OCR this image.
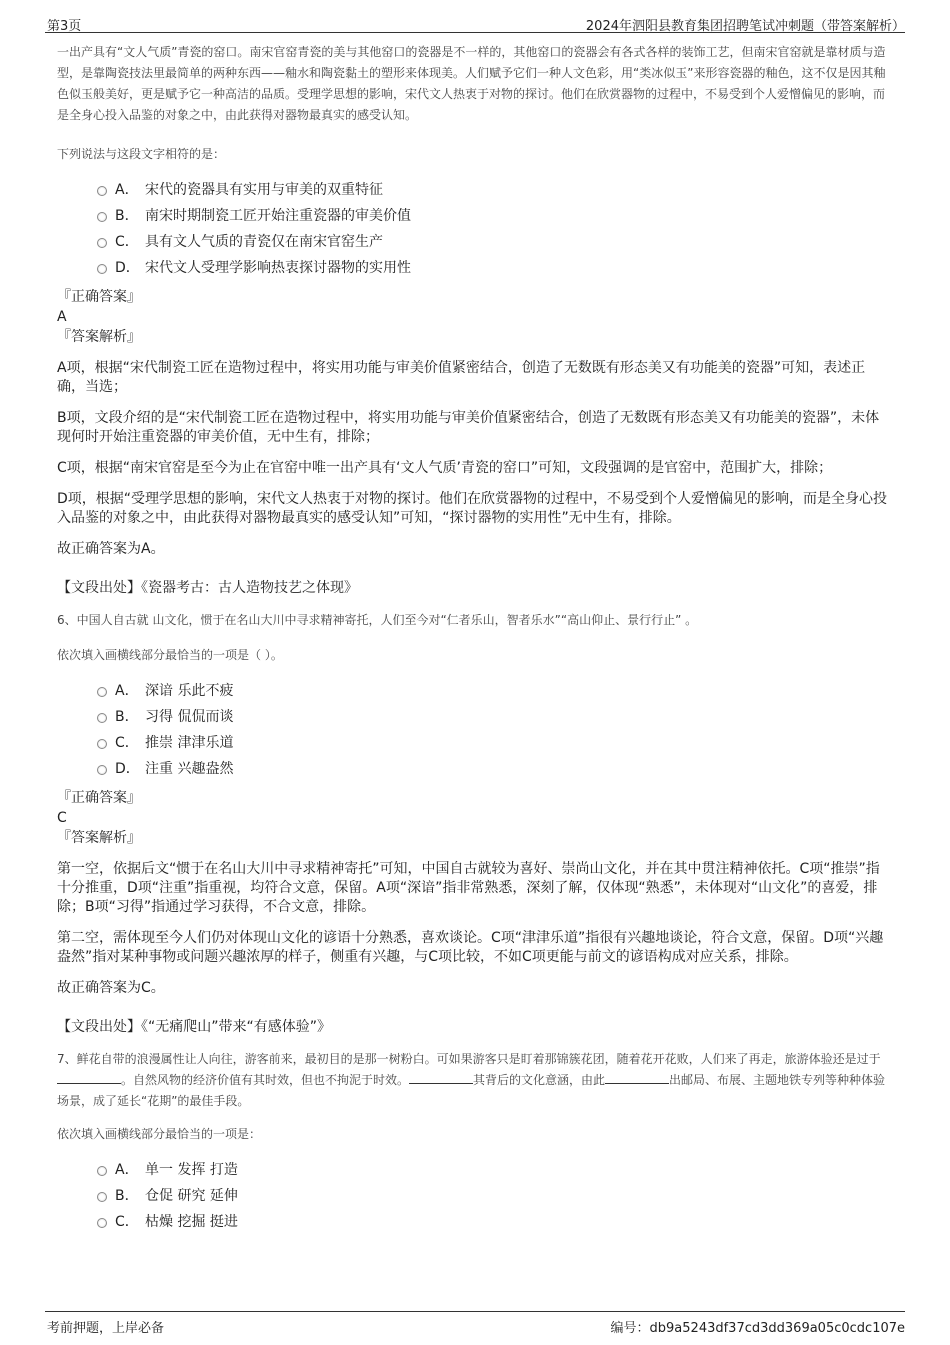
第3页	2024年泗阳县教育集团招聘笔试冲刺题（带答案解析）

一出产具有“文人气质”青瓷的窑口。南宋官窑青瓷的美与其他窑口的瓷器是不一样的，其他窑口的瓷器会有各式各样的装饰工艺，但南宋官窑就是靠材质与造型，是靠陶瓷技法里最简单的两种东西——釉水和陶瓷黏土的塑形来体现美。人们赋予它们一种人文色彩，用“类冰似玉”来形容瓷器的釉色，这不仅是因其釉色似玉般美好，更是赋予它一种高洁的品质。受理学思想的影响，宋代文人热衷于对物的探讨。他们在欣赏器物的过程中，不易受到个人爱憎偏见的影响，而是全身心投入品鉴的对象之中，由此获得对器物最真实的感受认知。

下列说法与这段文字相符的是：

A． 宋代的瓷器具有实用与审美的双重特征
B． 南宋时期制瓷工匠开始注重瓷器的审美价值
C． 具有文人气质的青瓷仅在南宋官窑生产
D． 宋代文人受理学影响热衷探讨器物的实用性

『正确答案』

A

『答案解析』

A项，根据“宋代制瓷工匠在造物过程中，将实用功能与审美价值紧密结合，创造了无数既有形态美又有功能美的瓷器”可知，表述正确，当选；

B项，文段介绍的是“宋代制瓷工匠在造物过程中，将实用功能与审美价值紧密结合，创造了无数既有形态美又有功能美的瓷器”，未体现何时开始注重瓷器的审美价值，无中生有，排除；

C项，根据“南宋官窑是至今为止在官窑中唯一出产具有‘文人气质’青瓷的窑口”可知，文段强调的是官窑中，范围扩大，排除；

D项，根据“受理学思想的影响，宋代文人热衷于对物的探讨。他们在欣赏器物的过程中，不易受到个人爱憎偏见的影响，而是全身心投入品鉴的对象之中，由此获得对器物最真实的感受认知”可知，“探讨器物的实用性”无中生有，排除。

故正确答案为A。

【文段出处】《瓷器考古：古人造物技艺之体现》

6、中国人自古就 山文化，惯于在名山大川中寻求精神寄托，人们至今对“仁者乐山，智者乐水”“高山仰止、景行行止” 。

依次填入画横线部分最恰当的一项是（ ）。

A． 深谙 乐此不疲
B． 习得 侃侃而谈
C． 推崇 津津乐道
D． 注重 兴趣盎然

『正确答案』

C

『答案解析』

第一空，依据后文“惯于在名山大川中寻求精神寄托”可知，中国自古就较为喜好、崇尚山文化，并在其中贯注精神依托。C项“推崇”指十分推重，D项“注重”指重视，均符合文意，保留。A项“深谙”指非常熟悉，深刻了解，仅体现“熟悉”，未体现对“山文化”的喜爱，排除；B项“习得”指通过学习获得，不合文意，排除。

第二空，需体现至今人们仍对体现山文化的谚语十分熟悉，喜欢谈论。C项“津津乐道”指很有兴趣地谈论，符合文意，保留。D项“兴趣盎然”指对某种事物或问题兴趣浓厚的样子，侧重有兴趣，与C项比较，不如C项更能与前文的谚语构成对应关系，排除。

故正确答案为C。

【文段出处】《“无痛爬山”带来“有感体验”》

7、鲜花自带的浪漫属性让人向往，游客前来，最初目的是那一树粉白。可如果游客只是盯着那锦簇花团，随着花开花败，人们来了再走，旅游体验还是过于。自然风物的经济价值有其时效，但也不拘泥于时效。	其背后的文化意涵，由此	出邮局、布展、主题地铁专列等种种体验场景，成了延长“花期”的最佳手段。

依次填入画横线部分最恰当的一项是：

A． 单一 发挥 打造
B． 仓促 研究 延伸
C． 枯燥 挖掘 挺进
考前押题，上岸必备	编号：db9a5243df37cd3dd369a05c0cdc107e
